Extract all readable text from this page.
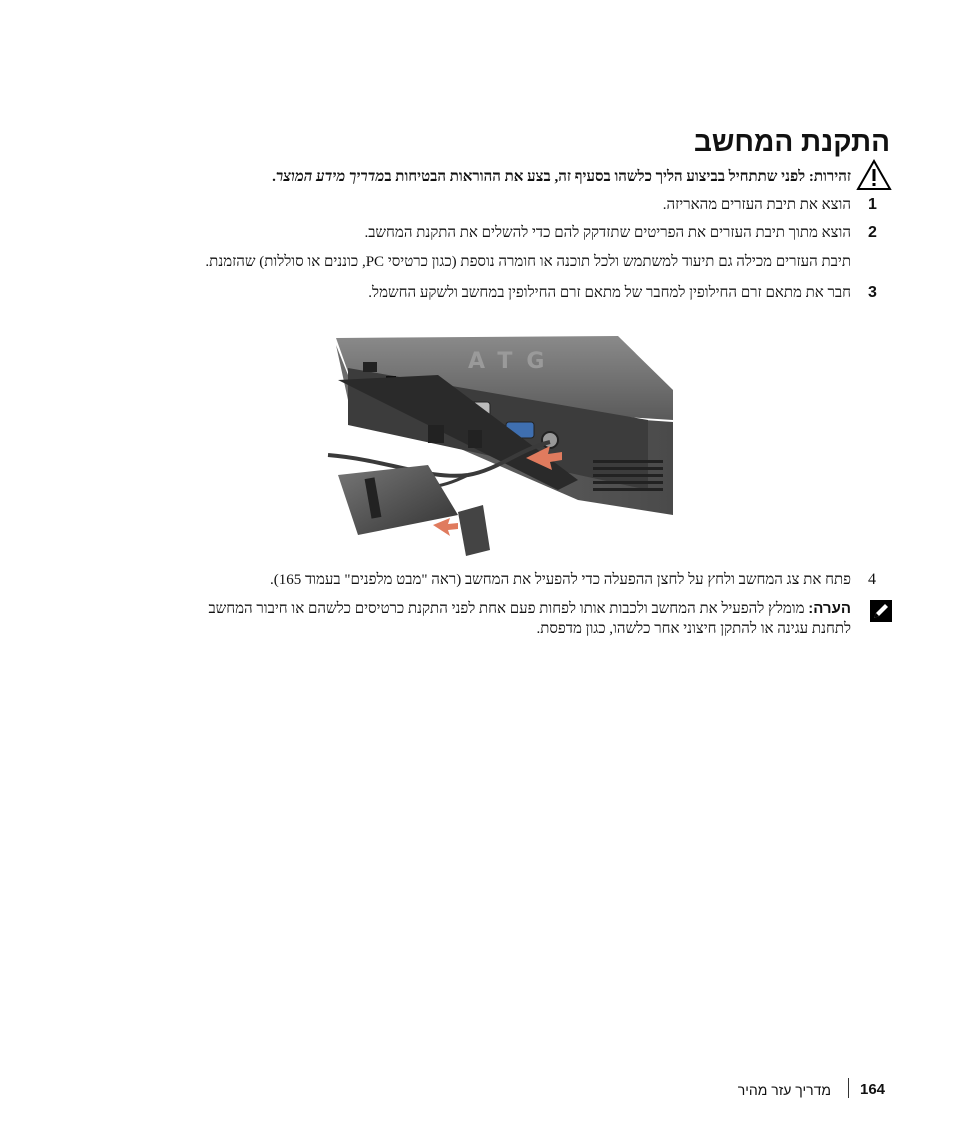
התקנת המחשב
זהירות: לפני שתתחיל בביצוע הליך כלשהו בסעיף זה, בצע את ההוראות הבטיחות במדריך מידע המוצר.
1
הוצא את תיבת העזרים מהאריזה.
2
הוצא מתוך תיבת העזרים את הפריטים שתזדקק להם כדי להשלים את התקנת המחשב.
תיבת העזרים מכילה גם תיעוד למשתמש ולכל תוכנה או חומרה נוספת (כגון כרטיסי PC, כוננים או סוללות) שהזמנת.
3
חבר את מתאם זרם החילופין למחבר של מתאם זרם החילופין במחשב ולשקע החשמל.
ATG
4
פתח את צג המחשב ולחץ על לחצן ההפעלה כדי להפעיל את המחשב (ראה "מבט מלפנים" בעמוד 165).
הערה: מומלץ להפעיל את המחשב ולכבות אותו לפחות פעם אחת לפני התקנת כרטיסים כלשהם או חיבור המחשב
לתחנת עגינה או להתקן חיצוני אחר כלשהו, כגון מדפסת.
164
מדריך עזר מהיר
